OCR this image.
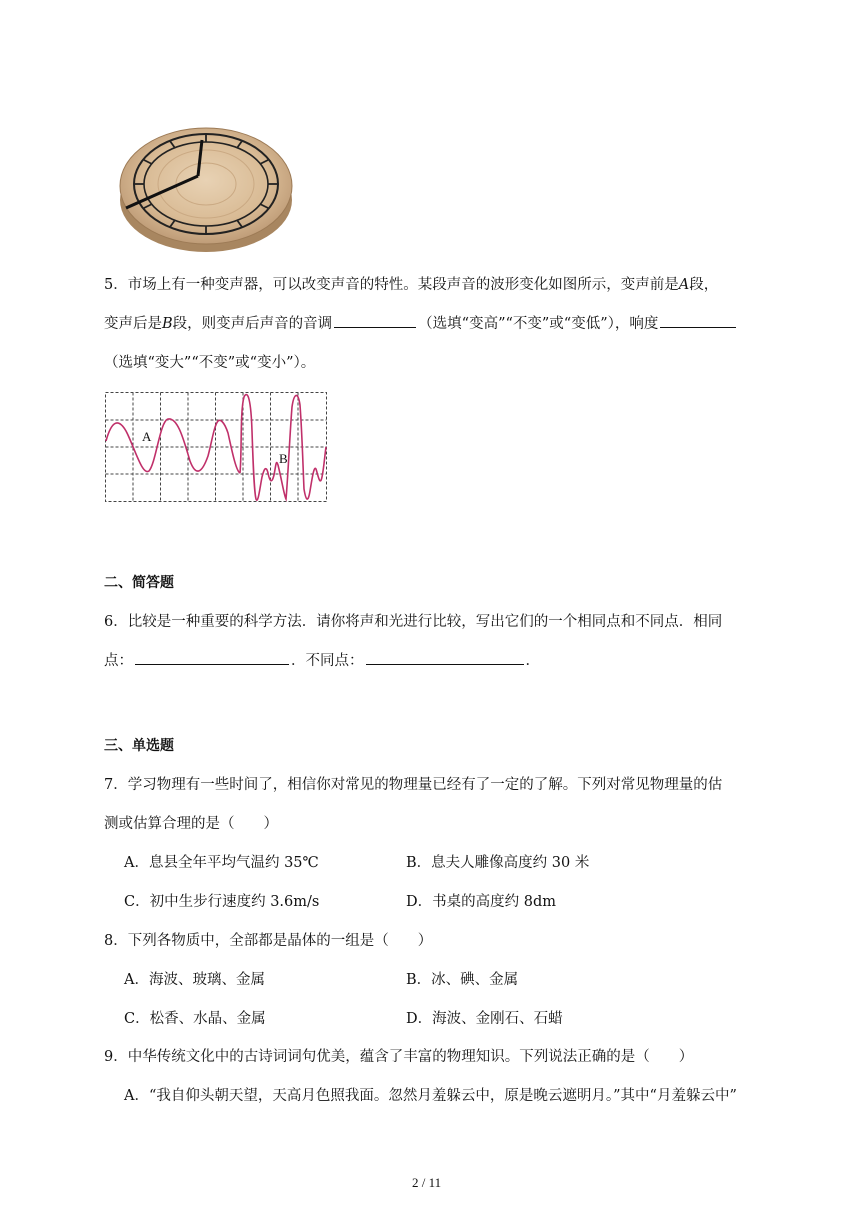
5．市场上有一种变声器，可以改变声音的特性。某段声音的波形变化如图所示，变声前是A段，
变声后是B段，则变声后声音的音调	（选填“变高”“不变”或“变低”），响度
（选填“变大”“不变”或“变小”）。
A
B
二、简答题
6．比较是一种重要的科学方法．请你将声和光进行比较，写出它们的一个相同点和不同点．相同
点：	．不同点：	．
三、单选题
7．学习物理有一些时间了，相信你对常见的物理量已经有了一定的了解。下列对常见物理量的估
测或估算合理的是（　　）
A．息县全年平均气温约 35℃	B．息夫人雕像高度约 30 米
C．初中生步行速度约 3.6m/s	D．书桌的高度约 8dm
8．下列各物质中，全部都是晶体的一组是（　　）
A．海波、玻璃、金属	B．冰、碘、金属
C．松香、水晶、金属	D．海波、金刚石、石蜡
9．中华传统文化中的古诗词词句优美，蕴含了丰富的物理知识。下列说法正确的是（　　）
A．“我自仰头朝天望，天高月色照我面。忽然月羞躲云中，原是晚云遮明月。”其中“月羞躲云中”
2 / 11
